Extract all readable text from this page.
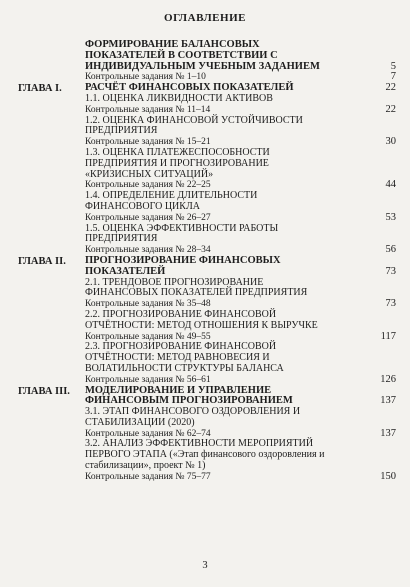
ОГЛАВЛЕНИЕ
ФОРМИРОВАНИЕ БАЛАНСОВЫХ ПОКАЗАТЕЛЕЙ В СООТВЕТСТВИИ С ИНДИВИДУАЛЬНЫМ УЧЕБНЫМ ЗАДАНИЕМ	5
Контрольные задания № 1–10	7
ГЛАВА I. РАСЧЁТ ФИНАНСОВЫХ ПОКАЗАТЕЛЕЙ	22
1.1. ОЦЕНКА ЛИКВИДНОСТИ АКТИВОВ
Контрольные задания № 11–14	22
1.2. ОЦЕНКА ФИНАНСОВОЙ УСТОЙЧИВОСТИ ПРЕДПРИЯТИЯ
Контрольные задания № 15–21	30
1.3. ОЦЕНКА ПЛАТЕЖЕСПОСОБНОСТИ ПРЕДПРИЯТИЯ И ПРОГНОЗИРОВАНИЕ «КРИЗИСНЫХ СИТУАЦИЙ»
Контрольные задания № 22–25	44
1.4. ОПРЕДЕЛЕНИЕ ДЛИТЕЛЬНОСТИ ФИНАНСОВОГО ЦИКЛА
Контрольные задания № 26–27	53
1.5. ОЦЕНКА ЭФФЕКТИВНОСТИ РАБОТЫ ПРЕДПРИЯТИЯ
Контрольные задания № 28–34	56
ГЛАВА II. ПРОГНОЗИРОВАНИЕ ФИНАНСОВЫХ ПОКАЗАТЕЛЕЙ	73
2.1. ТРЕНДОВОЕ ПРОГНОЗИРОВАНИЕ ФИНАНСОВЫХ ПОКАЗАТЕЛЕЙ ПРЕДПРИЯТИЯ
Контрольные задания № 35–48	73
2.2. ПРОГНОЗИРОВАНИЕ ФИНАНСОВОЙ ОТЧЁТНОСТИ: МЕТОД ОТНОШЕНИЯ К ВЫРУЧКЕ
Контрольные задания № 49–55	117
2.3. ПРОГНОЗИРОВАНИЕ ФИНАНСОВОЙ ОТЧЁТНОСТИ: МЕТОД РАВНОВЕСИЯ И ВОЛАТИЛЬНОСТИ СТРУКТУРЫ БАЛАНСА
Контрольные задания № 56–61	126
ГЛАВА III. МОДЕЛИРОВАНИЕ И УПРАВЛЕНИЕ ФИНАНСОВЫМ ПРОГНОЗИРОВАНИЕМ	137
3.1. ЭТАП ФИНАНСОВОГО ОЗДОРОВЛЕНИЯ И СТАБИЛИЗАЦИИ (2020)
Контрольные задания № 62–74	137
3.2. АНАЛИЗ ЭФФЕКТИВНОСТИ МЕРОПРИЯТИЙ ПЕРВОГО ЭТАПА («Этап финансового оздоровления и стабилизации», проект № 1)
Контрольные задания № 75–77	150
3
